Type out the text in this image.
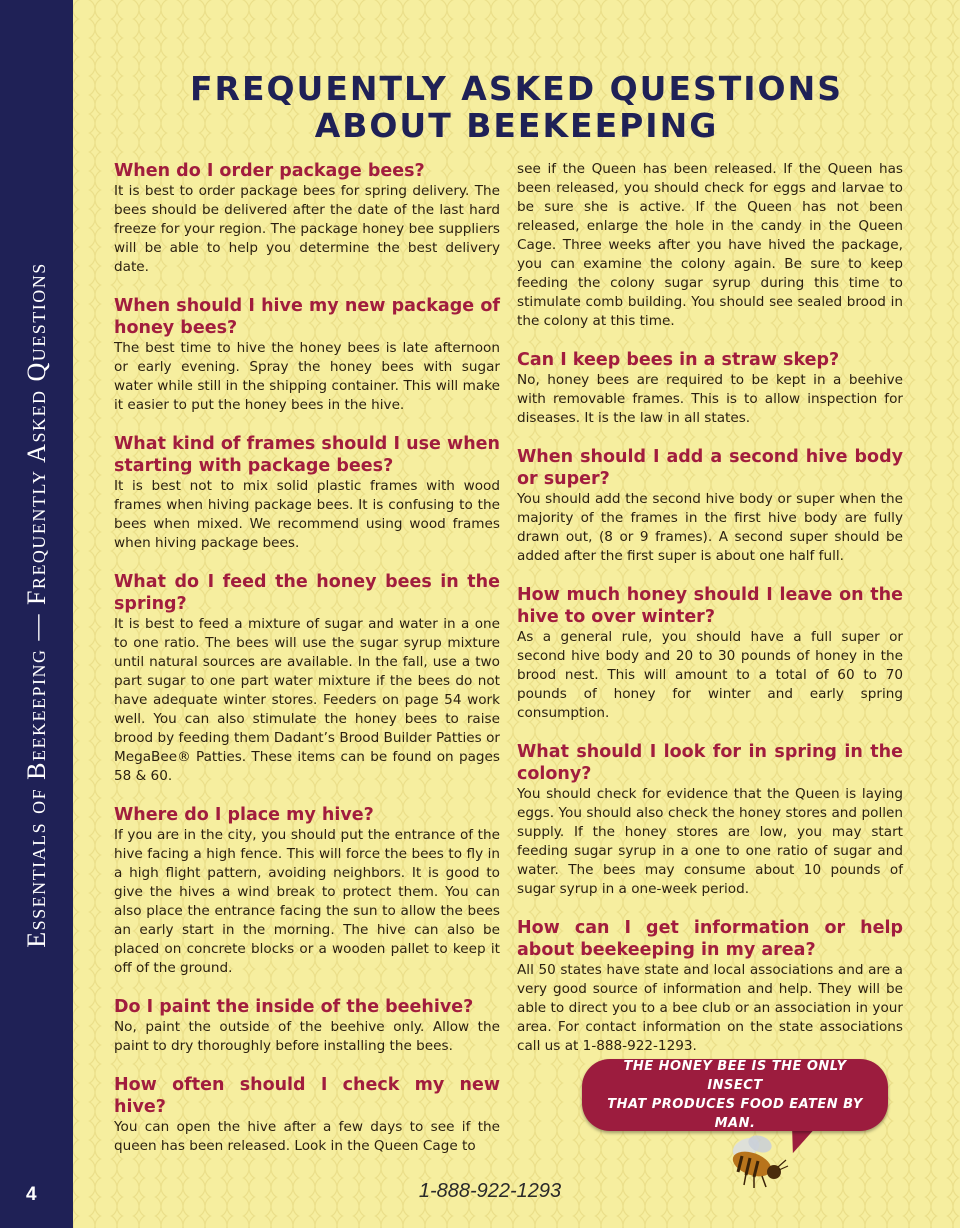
Essentials of Beekeeping — Frequently Asked Questions
4
FREQUENTLY ASKED QUESTIONS
ABOUT BEEKEEPING
When do I order package bees?

It is best to order package bees for spring delivery. The bees should be delivered after the date of the last hard freeze for your region. The package honey bee suppliers will be able to help you determine the best delivery date.

When should I hive my new package of honey bees?

The best time to hive the honey bees is late afternoon or early evening. Spray the honey bees with sugar water while still in the shipping container. This will make it easier to put the honey bees in the hive.

What kind of frames should I use when starting with package bees?

It is best not to mix solid plastic frames with wood frames when hiving package bees. It is confusing to the bees when mixed. We recommend using wood frames when hiving package bees.

What do I feed the honey bees in the spring?

It is best to feed a mixture of sugar and water in a one to one ratio. The bees will use the sugar syrup mixture until natural sources are available. In the fall, use a two part sugar to one part water mixture if the bees do not have adequate winter stores. Feeders on page 54 work well. You can also stimulate the honey bees to raise brood by feeding them Dadant’s Brood Builder Patties or MegaBee® Patties. These items can be found on pages 58 & 60.

Where do I place my hive?

If you are in the city, you should put the entrance of the hive facing a high fence. This will force the bees to fly in a high flight pattern, avoiding neighbors. It is good to give the hives a wind break to protect them. You can also place the entrance facing the sun to allow the bees an early start in the morning. The hive can also be placed on concrete blocks or a wooden pallet to keep it off of the ground.

Do I paint the inside of the beehive?

No, paint the outside of the beehive only. Allow the paint to dry thoroughly before installing the bees.

How often should I check my new hive?

You can open the hive after a few days to see if the queen has been released. Look in the Queen Cage to

see if the Queen has been released. If the Queen has been released, you should check for eggs and larvae to be sure she is active. If the Queen has not been released, enlarge the hole in the candy in the Queen Cage. Three weeks after you have hived the package, you can examine the colony again. Be sure to keep feeding the colony sugar syrup during this time to stimulate comb building. You should see sealed brood in the colony at this time.

Can I keep bees in a straw skep?

No, honey bees are required to be kept in a beehive with removable frames. This is to allow inspection for diseases. It is the law in all states.

When should I add a second hive body or super?

You should add the second hive body or super when the majority of the frames in the first hive body are fully drawn out, (8 or 9 frames). A second super should be added after the first super is about one half full.

How much honey should I leave on the hive to over winter?

As a general rule, you should have a full super or second hive body and 20 to 30 pounds of honey in the brood nest. This will amount to a total of 60 to 70 pounds of honey for winter and early spring consumption.

What should I look for in spring in the colony?

You should check for evidence that the Queen is laying eggs. You should also check the honey stores and pollen supply. If the honey stores are low, you may start feeding sugar syrup in a one to one ratio of sugar and water. The bees may consume about 10 pounds of sugar syrup in a one-week period.

How can I get information or help about beekeeping in my area?

All 50 states have state and local associations and are a very good source of information and help. They will be able to direct you to a bee club or an association in your area. For contact information on the state associations call us at 1-888-922-1293.

THE HONEY BEE IS THE ONLY INSECT
THAT PRODUCES FOOD EATEN BY MAN.
1-888-922-1293
